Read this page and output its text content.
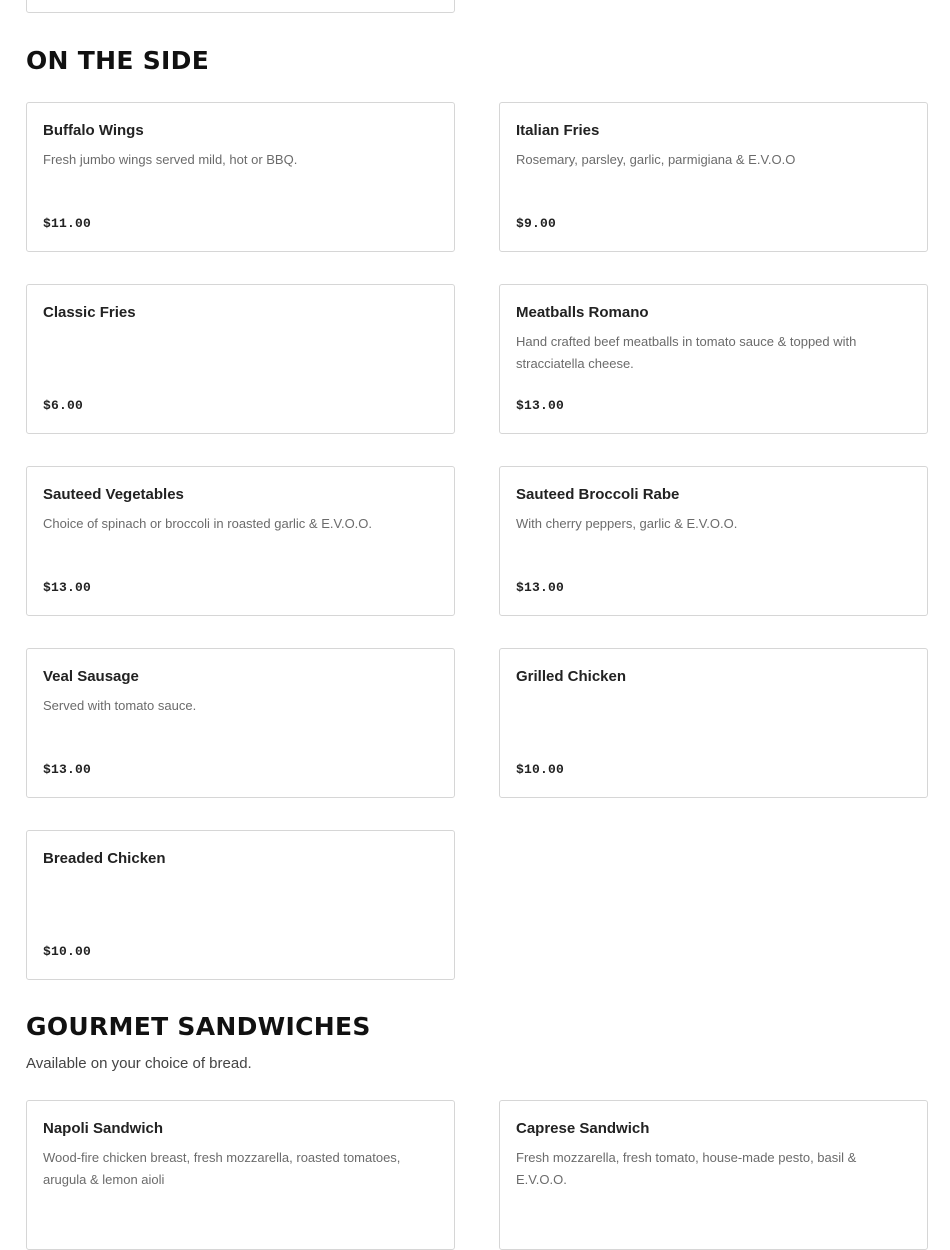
ON THE SIDE
Buffalo Wings
Fresh jumbo wings served mild, hot or BBQ.
$11.00
Italian Fries
Rosemary, parsley, garlic, parmigiana & E.V.O.O
$9.00
Classic Fries
$6.00
Meatballs Romano
Hand crafted beef meatballs in tomato sauce & topped with stracciatella cheese.
$13.00
Sauteed Vegetables
Choice of spinach or broccoli in roasted garlic & E.V.O.O.
$13.00
Sauteed Broccoli Rabe
With cherry peppers, garlic & E.V.O.O.
$13.00
Veal Sausage
Served with tomato sauce.
$13.00
Grilled Chicken
$10.00
Breaded Chicken
$10.00
GOURMET SANDWICHES
Available on your choice of bread.
Napoli Sandwich
Wood-fire chicken breast, fresh mozzarella, roasted tomatoes, arugula & lemon aioli
Caprese Sandwich
Fresh mozzarella, fresh tomato, house-made pesto, basil & E.V.O.O.
